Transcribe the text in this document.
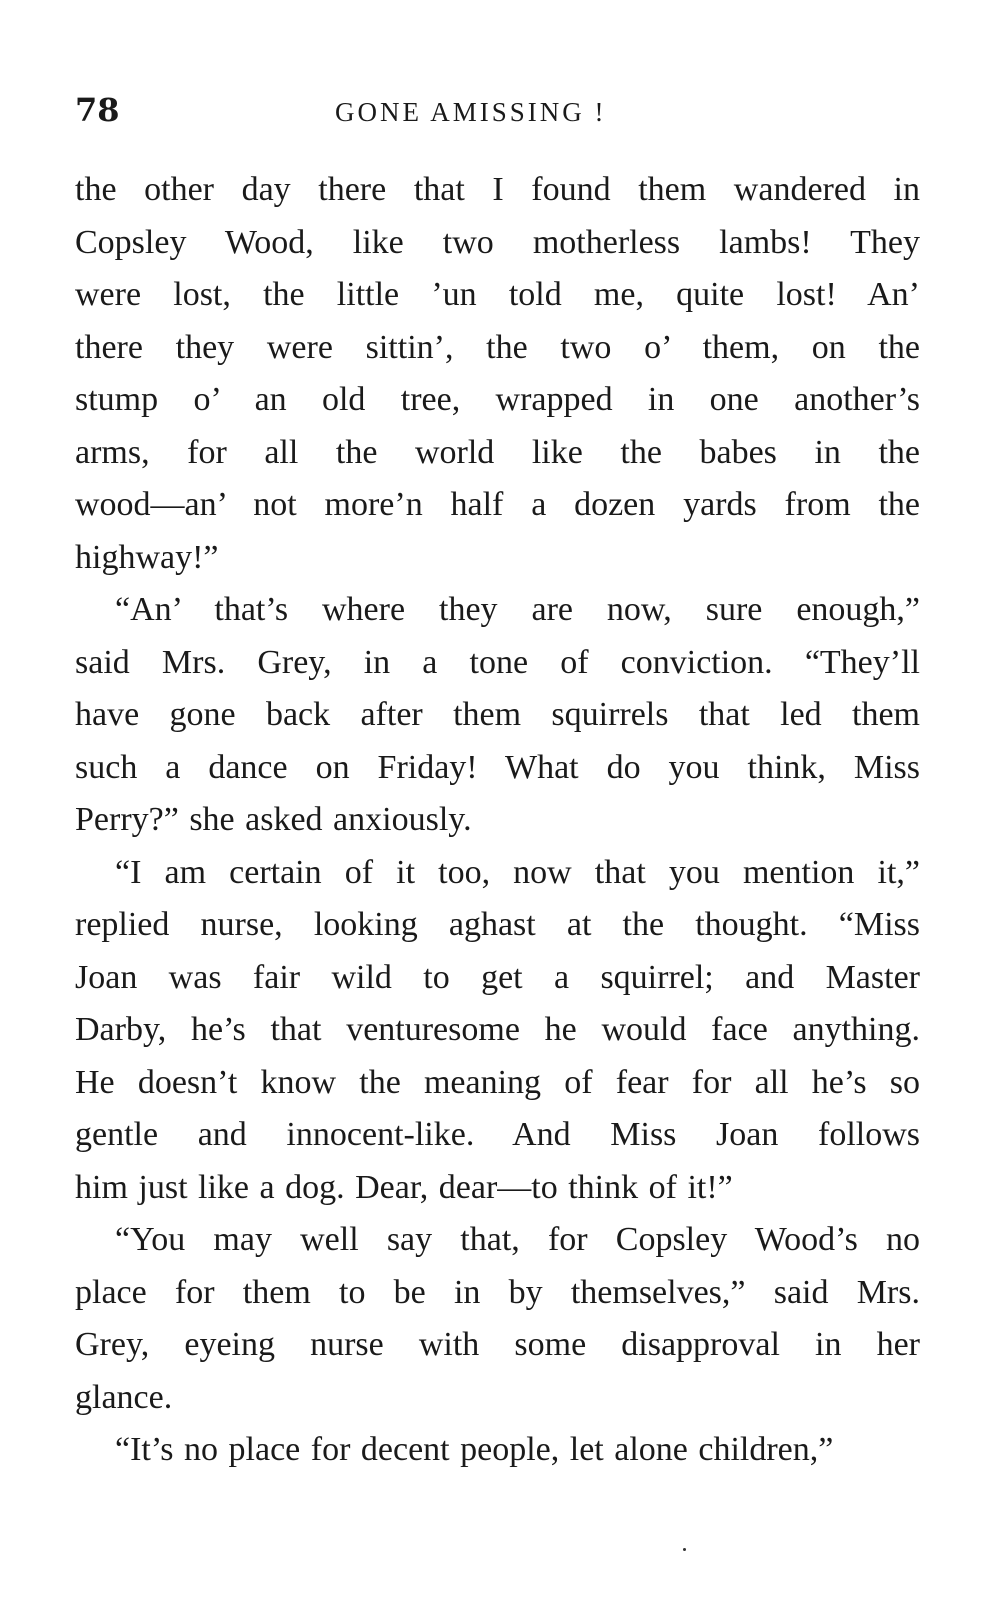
78	GONE AMISSING !
the other day there that I found them wandered in
Copsley Wood, like two motherless lambs! They
were lost, the little ’un told me, quite lost! An’
there they were sittin’, the two o’ them, on the
stump o’ an old tree, wrapped in one another’s
arms, for all the world like the babes in the
wood—an’ not more’n half a dozen yards from the
highway!”
“An’ that’s where they are now, sure enough,”
said Mrs. Grey, in a tone of conviction. “They’ll
have gone back after them squirrels that led them
such a dance on Friday! What do you think, Miss
Perry?” she asked anxiously.
“I am certain of it too, now that you mention it,”
replied nurse, looking aghast at the thought. “Miss
Joan was fair wild to get a squirrel; and Master
Darby, he’s that venturesome he would face anything.
He doesn’t know the meaning of fear for all he’s so
gentle and innocent-like. And Miss Joan follows
him just like a dog. Dear, dear—to think of it!”
“You may well say that, for Copsley Wood’s no
place for them to be in by themselves,” said Mrs.
Grey, eyeing nurse with some disapproval in her
glance.
“It’s no place for decent people, let alone children,”
